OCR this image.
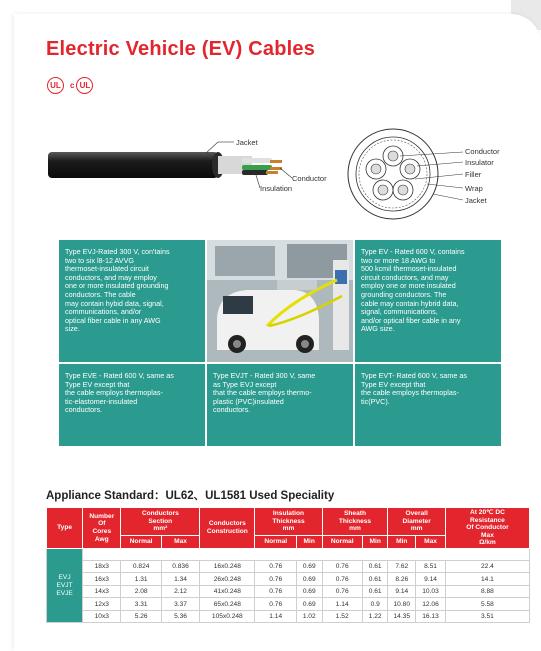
Electric Vehicle (EV) Cables
UL c UL
Jacket
Conductor
Insulation
Conductor
Insulator
Filler
Wrap
Jacket
Type EVJ-Rated 300 V, con'tains
two to six l8-12 AVVG
thermoset-insulated circuit
conductors, and may employ
one or more insulated grounding
conductors. The cable
may contain hybid data, signal,
communications, and/or
optical fiber cable in any AWG
size.
Type EV - Rated 600 V, contains
two or more 18 AWG to
500 kcmil thermoset-insulated
circuit conductors, and may
employ one or more insulated
grounding conductors. The
cable may contain hybrid data,
signal, communications,
and/or optical fiber cable in any
AWG size.
Type EVE - Rated 600 V, same as
Type EV except that
the cable employs thermoplas-
tic-elastomer-insulated
conductors.
Type EVJT - Rated 300 V, same
as Type EVJ except
that the cable employs thermo-
plastic (PVC)insulated
conductors.
Type EVT- Rated 600 V, same as
Type EV except that
the cable employs thermoplas-
tic(PVC).
Appliance Standard：UL62、UL1581 Used Speciality
Type	Number
Of
Cores
Awg	Conductors
Section
mm²		Conductors
Construction	Insulation
Thickness
mm		Sheath
Thickness
mm		Overall
Diameter
mm		At 20℃ DC
Resistance
Of Conductor
Max
Ω/km
		Normal	Max		Normal	Min	Normal	Min	Min	Max	
EVJ
EVJT
EVJE											
	18x3	0.824	0.836	16x0.248	0.76	0.69	0.76	0.61	7.62	8.51	22.4
	16x3	1.31	1.34	26x0.248	0.76	0.69	0.76	0.61	8.26	9.14	14.1
	14x3	2.08	2.12	41x0.248	0.76	0.69	0.76	0.61	9.14	10.03	8.88
	12x3	3.31	3.37	65x0.248	0.76	0.69	1.14	0.9	10.80	12.06	5.58
	10x3	5.26	5.36	105x0.248	1.14	1.02	1.52	1.22	14.35	16.13	3.51
